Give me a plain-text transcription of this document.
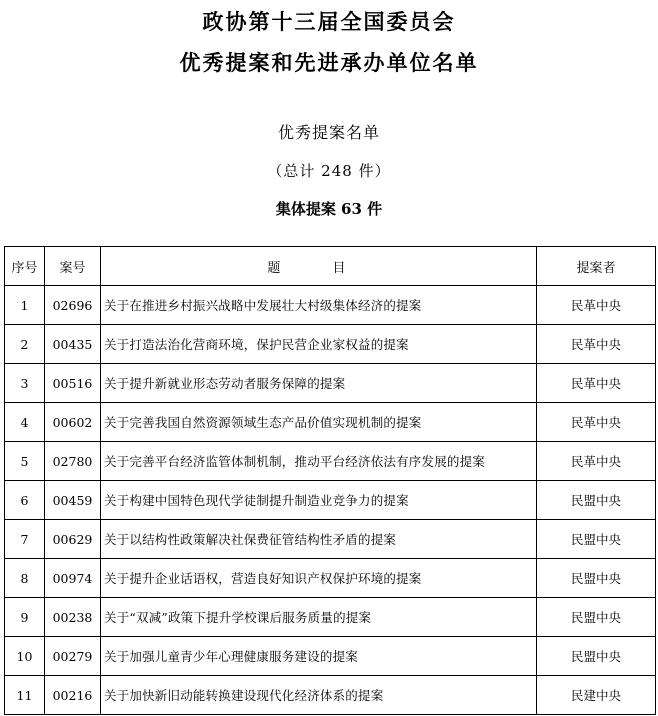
政协第十三届全国委员会
优秀提案和先进承办单位名单

优秀提案名单

（总计 248 件）

集体提案 63 件

序号	案号	题 目	提案者
1	02696	关于在推进乡村振兴战略中发展壮大村级集体经济的提案	民革中央
2	00435	关于打造法治化营商环境，保护民营企业家权益的提案	民革中央
3	00516	关于提升新就业形态劳动者服务保障的提案	民革中央
4	00602	关于完善我国自然资源领域生态产品价值实现机制的提案	民革中央
5	02780	关于完善平台经济监管体制机制，推动平台经济依法有序发展的提案	民革中央
6	00459	关于构建中国特色现代学徒制提升制造业竞争力的提案	民盟中央
7	00629	关于以结构性政策解决社保费征管结构性矛盾的提案	民盟中央
8	00974	关于提升企业话语权，营造良好知识产权保护环境的提案	民盟中央
9	00238	关于“双减”政策下提升学校课后服务质量的提案	民盟中央
10	00279	关于加强儿童青少年心理健康服务建设的提案	民盟中央
11	00216	关于加快新旧动能转换建设现代化经济体系的提案	民建中央
